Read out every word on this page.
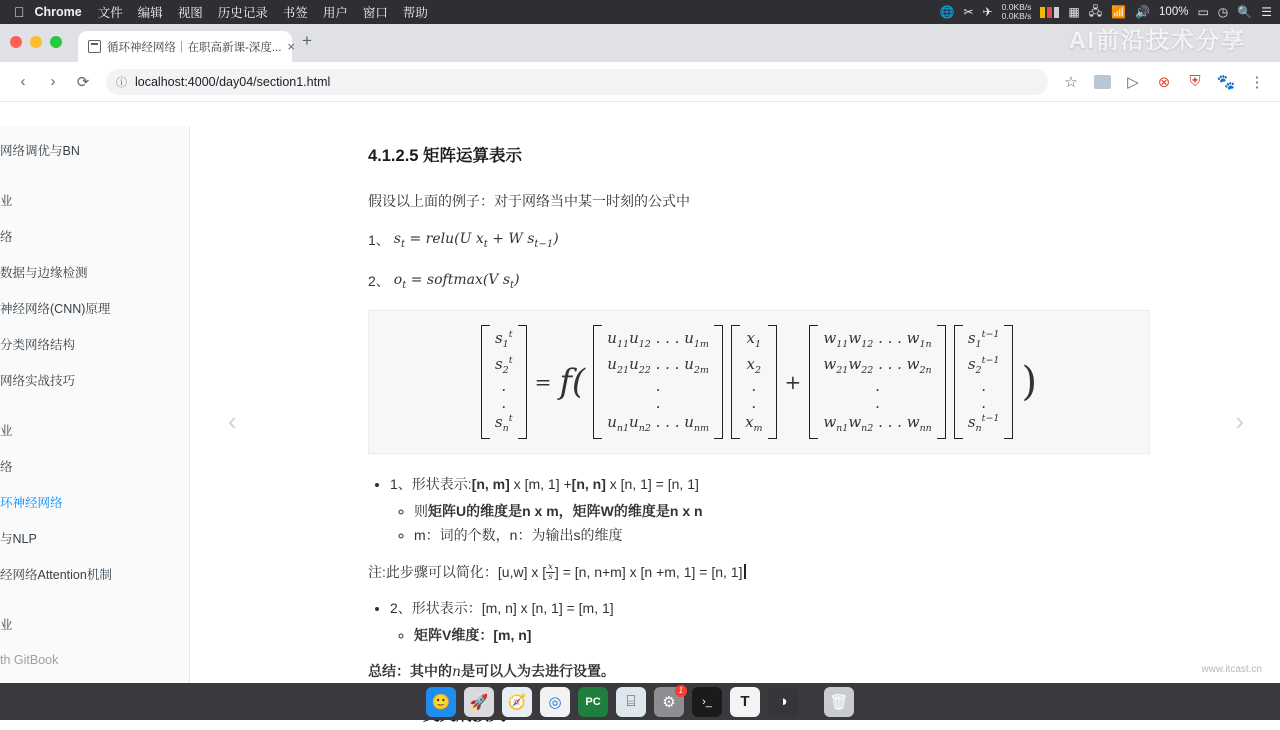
Chrome 文件 编辑 视图 历史记录 书签 用户 窗口 帮助	🌐 ✂ ✈ 0.0KB/s
0.0KB/s	▦ 🖧 📶 🔊 100% ▭ ◷ 🔍 ☰
循环神经网络｜在职高新课-深度... × +
‹	›	⟳	ⓘ localhost:4000/day04/section1.html	☆	▷	⊗	⛨	🐾 ⋮
网络调优与BN
业
络
数据与边缘检测
神经网络(CNN)原理
分类网络结构
网络实战技巧
业
络
环神经网络
与NLP
经网络Attention机制
业
th GitBook
4.1.2.5 矩阵运算表示

假设以上面的例子：对于网络当中某一时刻的公式中

1、 $s_t$ = relu(U $x_t + W$ $s_{t-1}$)
2、 $o_t$ = softmax(V $s_t$)
$s_1^t$
$s_2^t$
.
.
$s_n^t$
= f(
$u_{11}u_{12}$ . . . $u_{1m}$
$u_{21}u_{22}$ . . . $u_{2m}$
.
.
$u_{n1}u_{n2}$ . . . $u_{nm}$
$x_1$
$x_2$
.
.
$x_m$
+
$w_{11}w_{12}$ . . . $w_{1n}$
$w_{21}w_{22}$ . . . $w_{2n}$
.
.
$w_{n1}w_{n2}$ . . . $w_{nn}$
$s_1^{t-1}$
$s_2^{t-1}$
.
.
$s_n^{t-1}$
)
• 1、形状表示:[n, m] x [m, 1] +[n, n] x [n, 1] = [n, 1]
◦ 则矩阵U的维度是n x m，矩阵W的维度是n x n
◦ m：词的个数，n：为输出s的维度

注:此步骤可以简化：[u,w] x [ $\frac{x}{s}$ ] = [n, n+m] x [n +m, 1] = [n, 1]

• 2、形状表示：[m, n] x [n, 1] = [m, 1]
◦ 矩阵V维度：[m, n]

总结：其中的n是可以人为去进行设置。

‹	›
www.itcast.cn
AI前沿技术分享
🙂	🚀	🧭	◎	PC	⌸	⚙
1
›_	T	◑	🗑
